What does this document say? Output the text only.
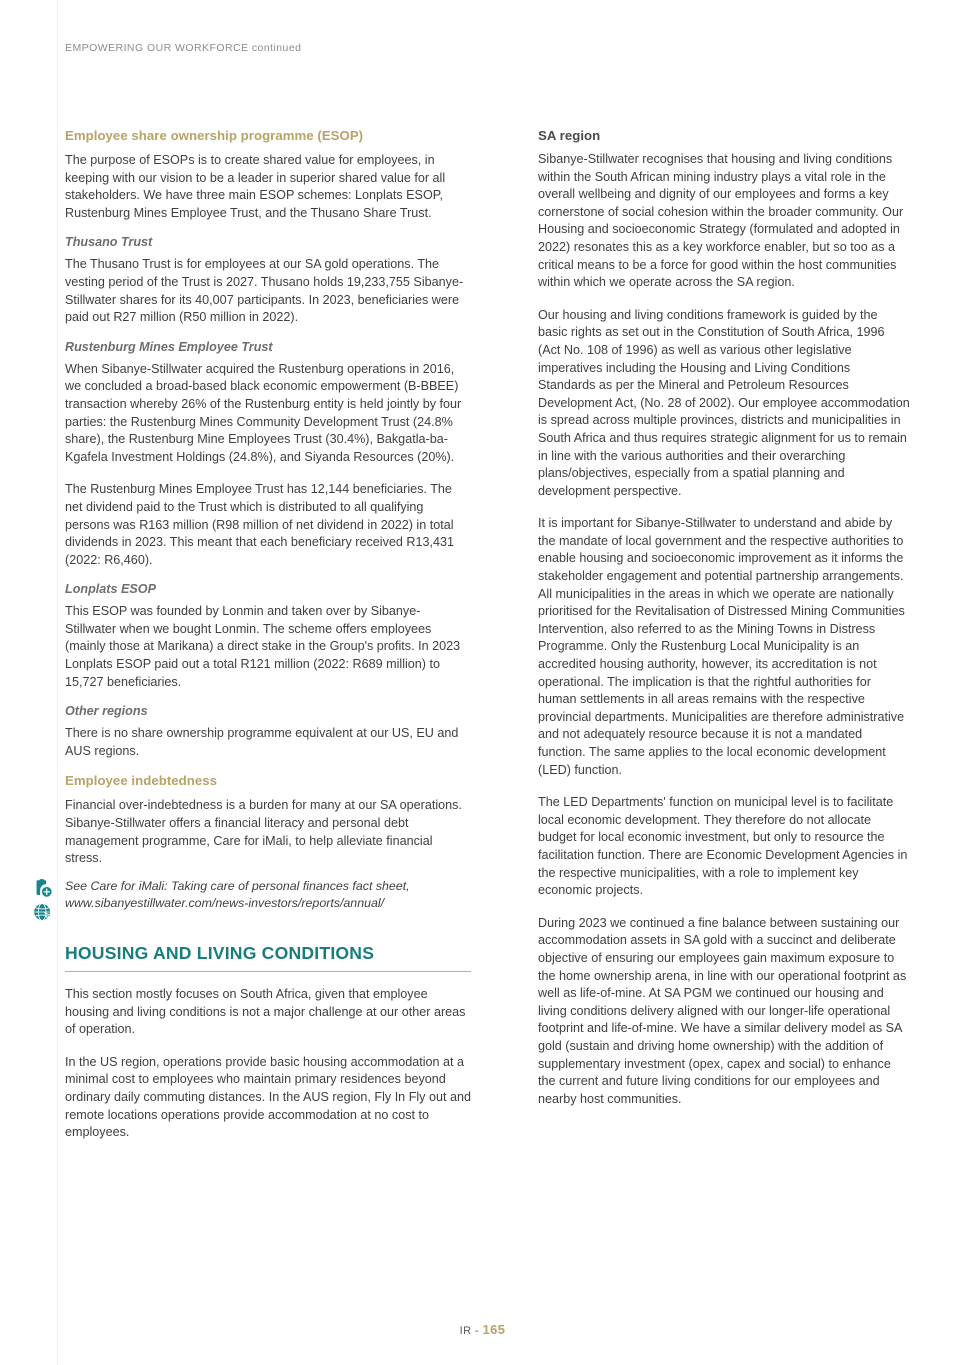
EMPOWERING OUR WORKFORCE continued
Employee share ownership programme (ESOP)

The purpose of ESOPs is to create shared value for employees, in keeping with our vision to be a leader in superior shared value for all stakeholders. We have three main ESOP schemes: Lonplats ESOP, Rustenburg Mines Employee Trust, and the Thusano Share Trust.

Thusano Trust

The Thusano Trust is for employees at our SA gold operations. The vesting period of the Trust is 2027. Thusano holds 19,233,755 Sibanye-Stillwater shares for its 40,007 participants. In 2023, beneficiaries were paid out R27 million (R50 million in 2022).

Rustenburg Mines Employee Trust

When Sibanye-Stillwater acquired the Rustenburg operations in 2016, we concluded a broad-based black economic empowerment (B-BBEE) transaction whereby 26% of the Rustenburg entity is held jointly by four parties: the Rustenburg Mines Community Development Trust (24.8% share), the Rustenburg Mine Employees Trust (30.4%), Bakgatla-ba-Kgafela Investment Holdings (24.8%), and Siyanda Resources (20%).

The Rustenburg Mines Employee Trust has 12,144 beneficiaries. The net dividend paid to the Trust which is distributed to all qualifying persons was R163 million (R98 million of net dividend in 2022) in total dividends in 2023. This meant that each beneficiary received R13,431 (2022: R6,460).

Lonplats ESOP

This ESOP was founded by Lonmin and taken over by Sibanye-Stillwater when we bought Lonmin. The scheme offers employees (mainly those at Marikana) a direct stake in the Group's profits. In 2023 Lonplats ESOP paid out a total R121 million (2022: R689 million) to 15,727 beneficiaries.

Other regions

There is no share ownership programme equivalent at our US, EU and AUS regions.

Employee indebtedness

Financial over-indebtedness is a burden for many at our SA operations. Sibanye-Stillwater offers a financial literacy and personal debt management programme, Care for iMali, to help alleviate financial stress.

See Care for iMali: Taking care of personal finances fact sheet,
www.sibanyestillwater.com/news-investors/reports/annual/
HOUSING AND LIVING CONDITIONS

This section mostly focuses on South Africa, given that employee housing and living conditions is not a major challenge at our other areas of operation.

In the US region, operations provide basic housing accommodation at a minimal cost to employees who maintain primary residences beyond ordinary daily commuting distances. In the AUS region, Fly In Fly out and remote locations operations provide accommodation at no cost to employees.

SA region

Sibanye-Stillwater recognises that housing and living conditions within the South African mining industry plays a vital role in the overall wellbeing and dignity of our employees and forms a key cornerstone of social cohesion within the broader community. Our Housing and socioeconomic Strategy (formulated and adopted in 2022) resonates this as a key workforce enabler, but so too as a critical means to be a force for good within the host communities within which we operate across the SA region.

Our housing and living conditions framework is guided by the basic rights as set out in the Constitution of South Africa, 1996 (Act No. 108 of 1996) as well as various other legislative imperatives including the Housing and Living Conditions Standards as per the Mineral and Petroleum Resources Development Act, (No. 28 of 2002). Our employee accommodation is spread across multiple provinces, districts and municipalities in South Africa and thus requires strategic alignment for us to remain in line with the various authorities and their overarching plans/objectives, especially from a spatial planning and development perspective.

It is important for Sibanye-Stillwater to understand and abide by the mandate of local government and the respective authorities to enable housing and socioeconomic improvement as it informs the stakeholder engagement and potential partnership arrangements. All municipalities in the areas in which we operate are nationally prioritised for the Revitalisation of Distressed Mining Communities Intervention, also referred to as the Mining Towns in Distress Programme. Only the Rustenburg Local Municipality is an accredited housing authority, however, its accreditation is not operational. The implication is that the rightful authorities for human settlements in all areas remains with the respective provincial departments. Municipalities are therefore administrative and not adequately resource because it is not a mandated function. The same applies to the local economic development (LED) function.

The LED Departments' function on municipal level is to facilitate local economic development. They therefore do not allocate budget for local economic investment, but only to resource the facilitation function. There are Economic Development Agencies in the respective municipalities, with a role to implement key economic projects.

During 2023 we continued a fine balance between sustaining our accommodation assets in SA gold with a succinct and deliberate objective of ensuring our employees gain maximum exposure to the home ownership arena, in line with our operational footprint as well as life-of-mine. At SA PGM we continued our housing and living conditions delivery aligned with our longer-life operational footprint and life-of-mine. We have a similar delivery model as SA gold (sustain and driving home ownership) with the addition of supplementary investment (opex, capex and social) to enhance the current and future living conditions for our employees and nearby host communities.

IR - 165
